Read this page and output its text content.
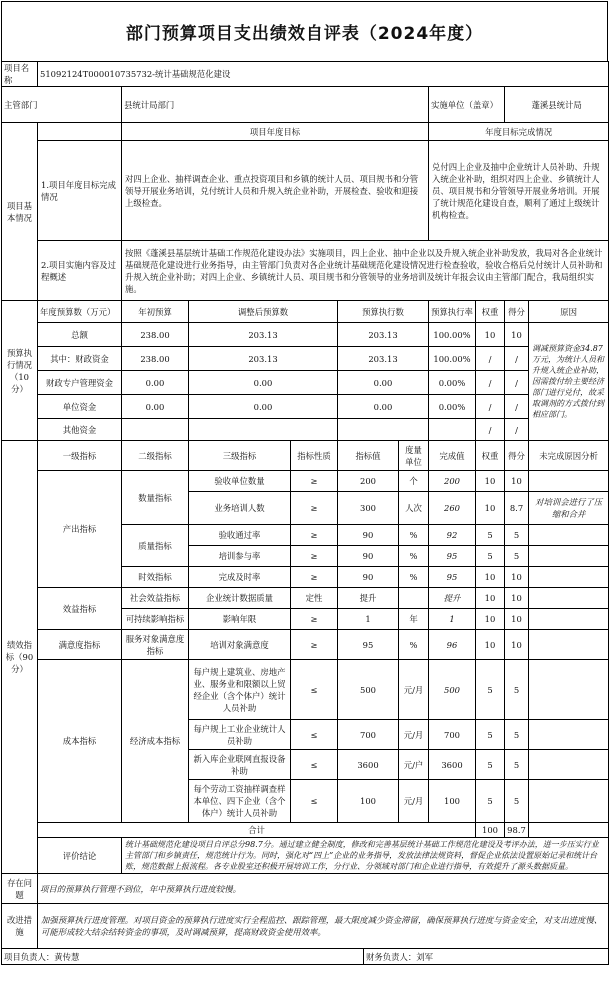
部门预算项目支出绩效自评表（2024年度）
项目名称	51092124T000010735732-统计基础规范化建设										
主管部门		县统计局部门						实施单位（盖章）		蓬溪县统计局	
项目基本情况		项目年度目标						年度目标完成情况			
	1.项目年度目标完成情况	对四上企业、抽样调查企业、重点投资项目和乡镇的统计人员、项目规书和分管领导开展业务培训，兑付统计人员和升规入统企业补助，开展检查、验收和迎接上级检查。						兑付四上企业及抽中企业统计人员补助、升规入统企业补助，组织对四上企业、乡镇统计人员、项目规书和分管领导开展业务培训。开展了统计规范化建设自查，顺利了通过上级统计机构检查。			
	2.项目实施内容及过程概述	按照《蓬溪县基层统计基础工作规范化建设办法》实施项目，四上企业、抽中企业以及升规入统企业补助发放，我局对各企业统计基础规范化建设进行业务指导，由主管部门负责对各企业统计基础规范化建设情况进行检查验收，验收合格后兑付统计人员补助和升规入统企业补助；对四上企业、乡镇统计人员、项目规书和分管领导的业务培训及统计年报会议由主管部门配合，我局组织实施。									
预算执行情况（10分）	年度预算数（万元）	年初预算	调整后预算数		预算执行数			预算执行率	权重	得分	原因
	总额	238.00	203.13		203.13			100.00%	10	10	调减预算资金34.87万元，为统计人员和升规入统企业补助，因需拨付给主要经济部门进行兑付，故采取调剂的方式拨付到相应部门。
	其中：财政资金	238.00	203.13		203.13			100.00%	/	/	
	财政专户管理资金	0.00	0.00		0.00			0.00%	/	/	
	单位资金	0.00	0.00		0.00			0.00%	/	/	
	其他资金								/	/	
绩效指标（90分）	一级指标	二级指标	三级指标	指标性质	指标值		度量单位	完成值	权重	得分	未完成原因分析
	产出指标	数量指标	验收单位数量	≥	200		个	200	10	10	
			业务培训人数	≥	300		人次	260	10	8.7	对培训会进行了压缩和合并
		质量指标	验收通过率	≥	90		%	92	5	5	
			培训参与率	≥	90		%	95	5	5	
		时效指标	完成及时率	≥	90		%	95	10	10	
	效益指标	社会效益指标	企业统计数据质量	定性	提升			提升	10	10	
		可持续影响指标	影响年限	≥	1		年	1	10	10	
	满意度指标	服务对象满意度指标	培训对象满意度	≥	95		%	96	10	10	
	成本指标	经济成本指标	每户规上建筑业、房地产业、服务业和限额以上贸经企业（含个体户）统计人员补助	≤	500		元/月	500	5	5	
			每户规上工业企业统计人员补助	≤	700		元/月	700	5	5	
			新入库企业联网直报设备补助	≤	3600		元/户	3600	5	5	
			每个劳动工资抽样调查样本单位、四下企业（含个体户）统计人员补助	≤	100		元/月	100	5	5	
	合计								100	98.7	
	评价结论	统计基础规范化建设项目自评总分98.7分。通过建立健全制度，修改和完善基层统计基础工作规范化建设及考评办法，进一步压实行业主管部门和乡镇责任，规范统计行为。同时，强化对“四上”企业的业务指导，发放法律法规资料，督促企业依法设置原始记录和统计台账，规范数据上报流程。各专业股室还积极开展培训工作，分行业、分领域对部门和企业进行指导，有效提升了源头数据质量。									
存在问题	项目的预算执行管理不到位，年中预算执行进度较慢。										
改进措施	加强预算执行进度管理。对项目资金的预算执行进度实行全程监控、跟踪管理，最大限度减少资金滞留，确保预算执行进度与资金安全，对支出进度慢、可能形成较大结余结转资金的事项，及时调减预算，提高财政资金使用效率。										
项目负责人：黄传慧						财务负责人：刘军					
